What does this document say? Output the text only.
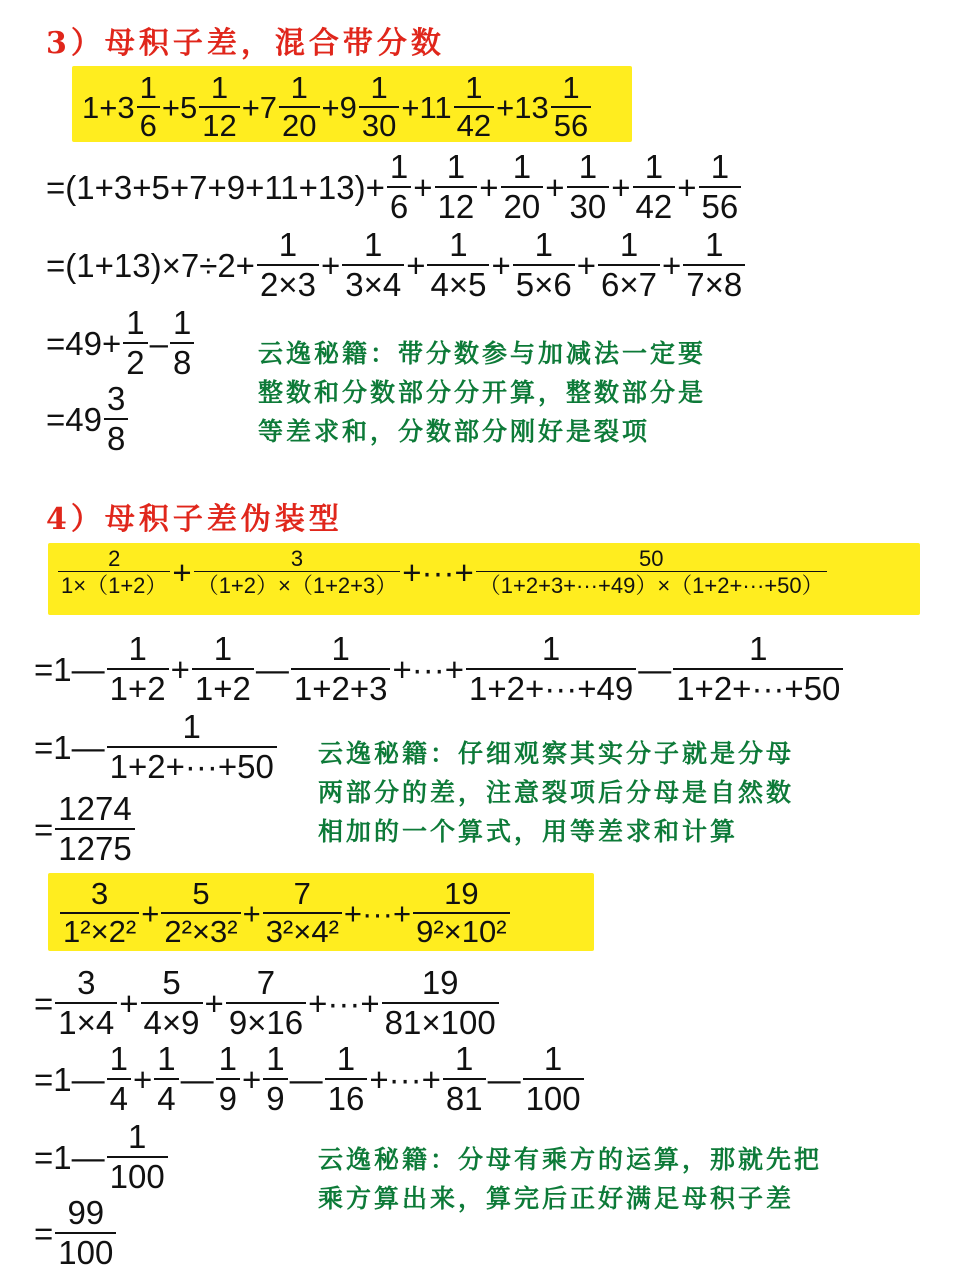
3）母积子差，混合带分数
$1+3 \frac{1}{6} +5 \frac{1}{12} +7 \frac{1}{20} +9 \frac{1}{30} +11 \frac{1}{42} +13 \frac{1}{56}$
$=(1+3+5+7+9+11+13)+ \frac{1}{6} + \frac{1}{12} + \frac{1}{20} + \frac{1}{30} + \frac{1}{42} + \frac{1}{56}$
$=(1+13)\times 7\div 2+ \frac{1}{2\times 3} + \frac{1}{3\times 4} + \frac{1}{4\times 5} + \frac{1}{5\times 6} + \frac{1}{6\times 7} + \frac{1}{7\times 8}$
$=49+ \frac{1}{2} - \frac{1}{8}$
$=49 \frac{3}{8}$
云逸秘籍：带分数参与加减法一定要
整数和分数部分分开算，整数部分是
等差求和，分数部分刚好是裂项
4）母积子差伪装型
$\frac{2}{1\times(1+2)} + \frac{3}{(1+2)\times(1+2+3)}$ +···+ $\frac{50}{(1+2+3+\cdot\cdot\cdot+49)\times(1+2+\cdot\cdot\cdot+50)}$
=1— $\frac{1}{1+2} + \frac{1}{1+2}$ — $\frac{1}{1+2+3}$ +···+ $\frac{1}{1+2+\cdot\cdot\cdot+49}$ — $\frac{1}{1+2+\cdot\cdot\cdot+50}$
=1— $\frac{1}{1+2+\cdot\cdot\cdot+50}$
= $\frac{1274}{1275}$
云逸秘籍：仔细观察其实分子就是分母
两部分的差，注意裂项后分母是自然数
相加的一个算式，用等差求和计算
$\frac{3}{\text{1²×2²}} + \frac{5}{\text{2²×3²}} + \frac{7}{\text{3²×4²}}$ +···+ $\frac{19}{\text{9²×10²}}$
= $\frac{3}{1\times 4} + \frac{5}{4\times 9} + \frac{7}{9\times 16}$ +···+ $\frac{19}{81\times 100}$
=1— $\frac{1}{4} + \frac{1}{4}$ — $\frac{1}{9} + \frac{1}{9}$ — $\frac{1}{16}$ +···+ $\frac{1}{81}$ — $\frac{1}{100}$
=1— $\frac{1}{100}$
= $\frac{99}{100}$
云逸秘籍：分母有乘方的运算，那就先把
乘方算出来，算完后正好满足母积子差
